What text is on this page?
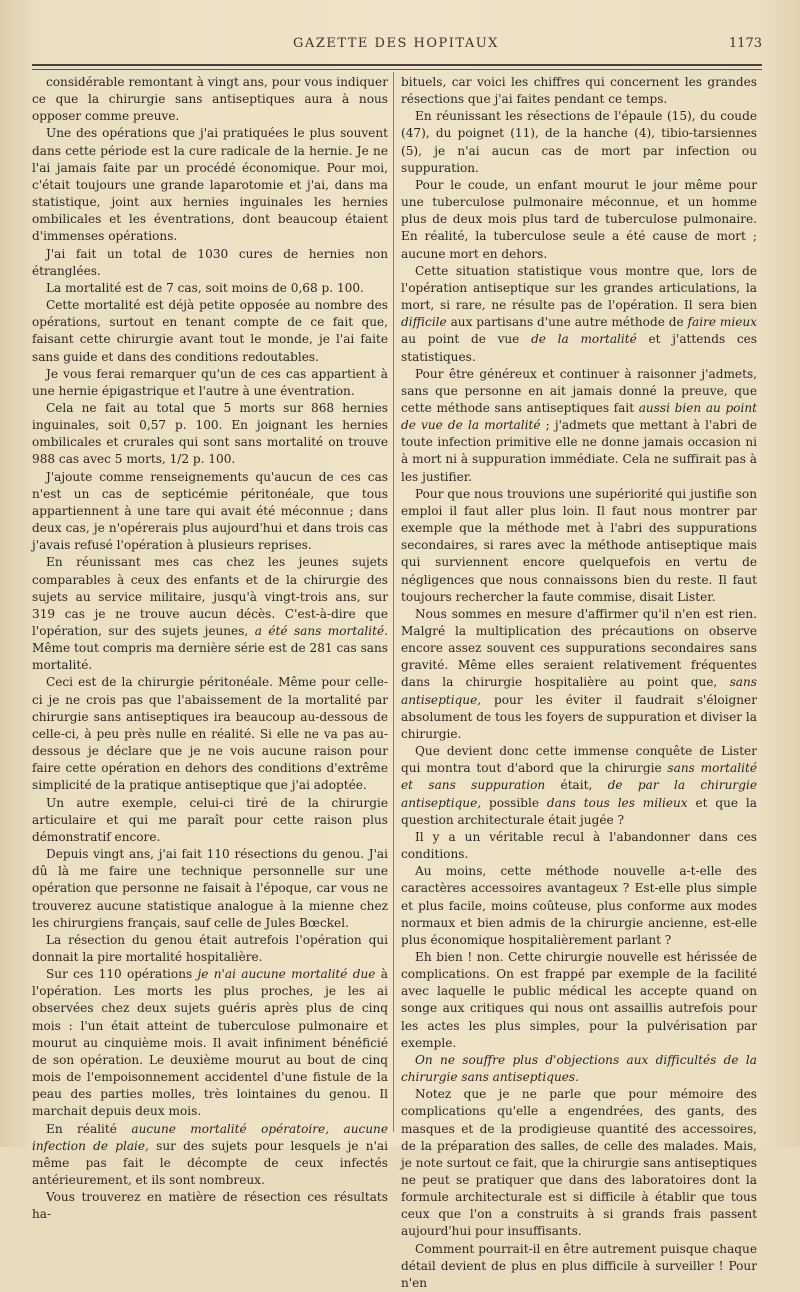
GAZETTE DES HOPITAUX	1173

considérable remontant à vingt ans, pour vous indiquer ce que la chirurgie sans antiseptiques aura à nous opposer comme preuve.

Une des opérations que j'ai pratiquées le plus souvent dans cette période est la cure radicale de la hernie. Je ne l'ai jamais faite par un procédé économique. Pour moi, c'était toujours une grande laparotomie et j'ai, dans ma statistique, joint aux hernies inguinales les hernies ombilicales et les éventrations, dont beaucoup étaient d'immenses opérations.

J'ai fait un total de 1030 cures de hernies non étranglées.

La mortalité est de 7 cas, soit moins de 0,68 p. 100.

Cette mortalité est déjà petite opposée au nombre des opérations, surtout en tenant compte de ce fait que, faisant cette chirurgie avant tout le monde, je l'ai faite sans guide et dans des conditions redoutables.

Je vous ferai remarquer qu'un de ces cas appartient à une hernie épigastrique et l'autre à une éventration.

Cela ne fait au total que 5 morts sur 868 hernies inguinales, soit 0,57 p. 100. En joignant les hernies ombilicales et crurales qui sont sans mortalité on trouve 988 cas avec 5 morts, 1/2 p. 100.

J'ajoute comme renseignements qu'aucun de ces cas n'est un cas de septicémie péritonéale, que tous appartiennent à une tare qui avait été méconnue ; dans deux cas, je n'opérerais plus aujourd'hui et dans trois cas j'avais refusé l'opération à plusieurs reprises.

En réunissant mes cas chez les jeunes sujets comparables à ceux des enfants et de la chirurgie des sujets au service militaire, jusqu'à vingt-trois ans, sur 319 cas je ne trouve aucun décès. C'est-à-dire que l'opération, sur des sujets jeunes, a été sans mortalité. Même tout compris ma dernière série est de 281 cas sans mortalité.

Ceci est de la chirurgie péritonéale. Même pour celle-ci je ne crois pas que l'abaissement de la mortalité par chirurgie sans antiseptiques ira beaucoup au-dessous de celle-ci, à peu près nulle en réalité. Si elle ne va pas au-dessous je déclare que je ne vois aucune raison pour faire cette opération en dehors des conditions d'extrême simplicité de la pratique antiseptique que j'ai adoptée.

Un autre exemple, celui-ci tiré de la chirurgie articulaire et qui me paraît pour cette raison plus démonstratif encore.

Depuis vingt ans, j'ai fait 110 résections du genou. J'ai dû là me faire une technique personnelle sur une opération que personne ne faisait à l'époque, car vous ne trouverez aucune statistique analogue à la mienne chez les chirurgiens français, sauf celle de Jules Bœckel.

La résection du genou était autrefois l'opération qui donnait la pire mortalité hospitalière.

Sur ces 110 opérations je n'ai aucune mortalité due à l'opération. Les morts les plus proches, je les ai observées chez deux sujets guéris après plus de cinq mois : l'un était atteint de tuberculose pulmonaire et mourut au cinquième mois. Il avait infiniment bénéficié de son opération. Le deuxième mourut au bout de cinq mois de l'empoisonnement accidentel d'une fistule de la peau des parties molles, très lointaines du genou. Il marchait depuis deux mois.

En réalité aucune mortalité opératoire, aucune infection de plaie, sur des sujets pour lesquels je n'ai même pas fait le décompte de ceux infectés antérieurement, et ils sont nombreux.

Vous trouverez en matière de résection ces résultats ha-

bituels, car voici les chiffres qui concernent les grandes résections que j'ai faites pendant ce temps.

En réunissant les résections de l'épaule (15), du coude (47), du poignet (11), de la hanche (4), tibio-tarsiennes (5), je n'ai aucun cas de mort par infection ou suppuration.

Pour le coude, un enfant mourut le jour même pour une tuberculose pulmonaire méconnue, et un homme plus de deux mois plus tard de tuberculose pulmonaire. En réalité, la tuberculose seule a été cause de mort ; aucune mort en dehors.

Cette situation statistique vous montre que, lors de l'opération antiseptique sur les grandes articulations, la mort, si rare, ne résulte pas de l'opération. Il sera bien difficile aux partisans d'une autre méthode de faire mieux au point de vue de la mortalité et j'attends ces statistiques.

Pour être généreux et continuer à raisonner j'admets, sans que personne en ait jamais donné la preuve, que cette méthode sans antiseptiques fait aussi bien au point de vue de la mortalité ; j'admets que mettant à l'abri de toute infection primitive elle ne donne jamais occasion ni à mort ni à suppuration immédiate. Cela ne suffirait pas à les justifier.

Pour que nous trouvions une supériorité qui justifie son emploi il faut aller plus loin. Il faut nous montrer par exemple que la méthode met à l'abri des suppurations secondaires, si rares avec la méthode antiseptique mais qui surviennent encore quelquefois en vertu de négligences que nous connaissons bien du reste. Il faut toujours rechercher la faute commise, disait Lister.

Nous sommes en mesure d'affirmer qu'il n'en est rien. Malgré la multiplication des précautions on observe encore assez souvent ces suppurations secondaires sans gravité. Même elles seraient relativement fréquentes dans la chirurgie hospitalière au point que, sans antiseptique, pour les éviter il faudrait s'éloigner absolument de tous les foyers de suppuration et diviser la chirurgie.

Que devient donc cette immense conquête de Lister qui montra tout d'abord que la chirurgie sans mortalité et sans suppuration était, de par la chirurgie antiseptique, possible dans tous les milieux et que la question architecturale était jugée ?

Il y a un véritable recul à l'abandonner dans ces conditions.

Au moins, cette méthode nouvelle a-t-elle des caractères accessoires avantageux ? Est-elle plus simple et plus facile, moins coûteuse, plus conforme aux modes normaux et bien admis de la chirurgie ancienne, est-elle plus économique hospitalièrement parlant ?

Eh bien ! non. Cette chirurgie nouvelle est hérissée de complications. On est frappé par exemple de la facilité avec laquelle le public médical les accepte quand on songe aux critiques qui nous ont assaillis autrefois pour les actes les plus simples, pour la pulvérisation par exemple.

On ne souffre plus d'objections aux difficultés de la chirurgie sans antiseptiques.

Notez que je ne parle que pour mémoire des complications qu'elle a engendrées, des gants, des masques et de la prodigieuse quantité des accessoires, de la préparation des salles, de celle des malades. Mais, je note surtout ce fait, que la chirurgie sans antiseptiques ne peut se pratiquer que dans des laboratoires dont la formule architecturale est si difficile à établir que tous ceux que l'on a construits à si grands frais passent aujourd'hui pour insuffisants.

Comment pourrait-il en être autrement puisque chaque détail devient de plus en plus difficile à surveiller ! Pour n'en
